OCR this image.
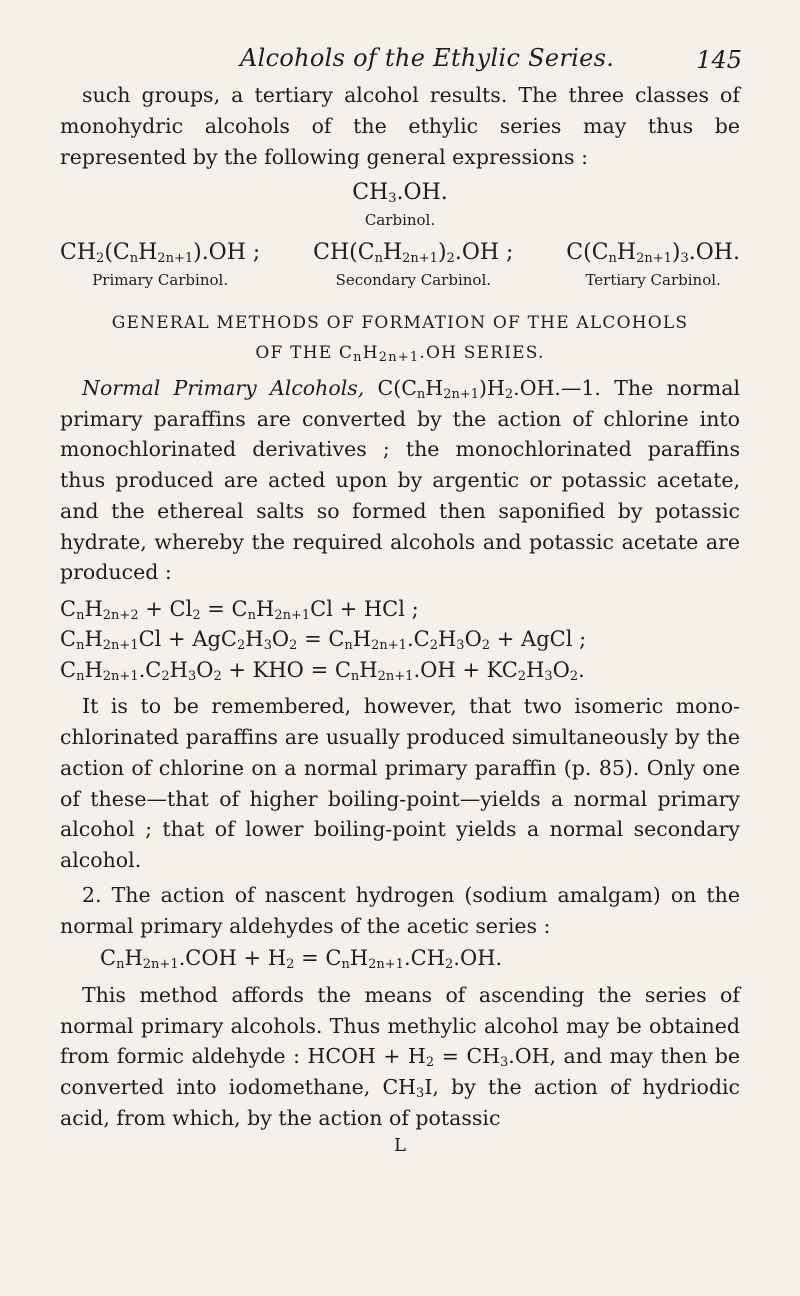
Alcohols of the Ethylic Series.	145

such groups, a tertiary alcohol results. The three classes of monohydric alcohols of the ethylic series may thus be represented by the following general expressions :

$CH_3.OH$.
Carbinol.
$CH_2(C_nH_{2n+1}).OH$ ;
Primary Carbinol.
$CH(C_nH_{2n+1})_2.OH$ ;
Secondary Carbinol.
$C(C_nH_{2n+1})_3.OH$.
Tertiary Carbinol.
GENERAL METHODS OF FORMATION OF THE ALCOHOLS
OF THE $C_nH_{2n+1}.OH$ SERIES.

Normal Primary Alcohols, $C(C_nH_{2n+1})H_2.OH.—1$. The normal primary paraffins are converted by the action of chlorine into monochlorinated derivatives ; the monochlorinated paraffins thus produced are acted upon by argentic or potassic acetate, and the ethereal salts so formed then saponified by potassic hydrate, whereby the required alcohols and potassic acetate are produced :

$C_nH_{2n+2} + Cl_2 = C_nH_{2n+1}Cl$ + HCl ;
$C_nH_{2n+1}Cl + AgC_2H_3O_2 = C_nH_{2n+1}.C_2H_3O_2$ + AgCl ;
$C_nH_{2n+1}.C_2H_3O_2$ + KHO = $C_nH_{2n+1}.OH + KC_2H_3O_2$.

It is to be remembered, however, that two isomeric mono-chlorinated paraffins are usually produced simultaneously by the action of chlorine on a normal primary paraffin (p. 85). Only one of these—that of higher boiling-point—yields a normal primary alcohol ; that of lower boiling-point yields a normal secondary alcohol.

2. The action of nascent hydrogen (sodium amalgam) on the normal primary aldehydes of the acetic series :

$C_nH_{2n+1}.COH + H_2 = C_nH_{2n+1}.CH_2.OH$.

This method affords the means of ascending the series of normal primary alcohols. Thus methylic alcohol may be obtained from formic aldehyde : HCOH + $H_2 = CH_3.OH$, and may then be converted into iodomethane, $CH_3I$, by the action of hydriodic acid, from which, by the action of potassic

L
